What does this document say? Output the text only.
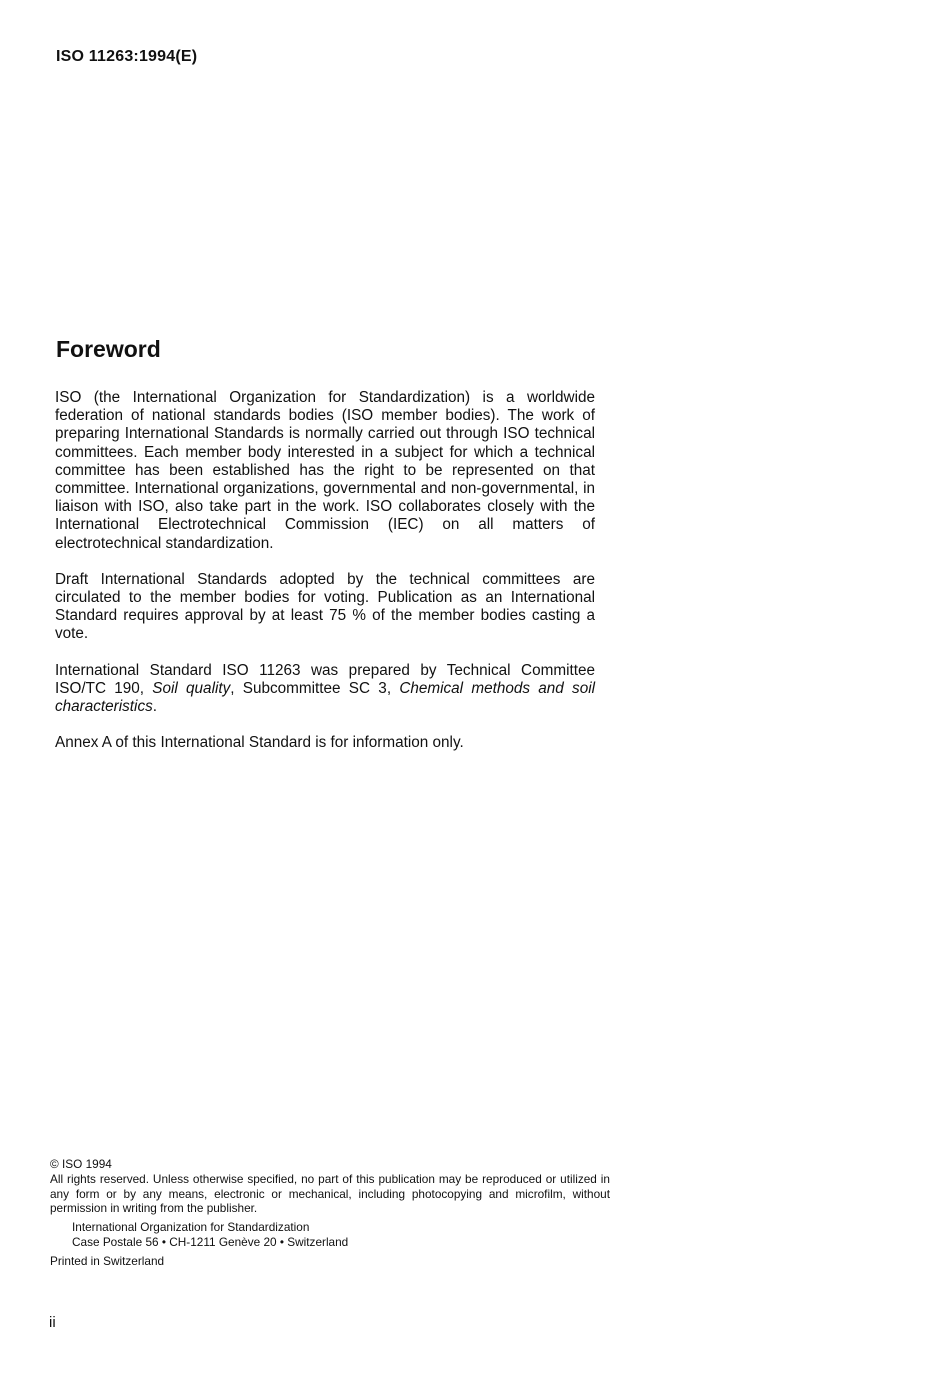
ISO 11263:1994(E)
Foreword

ISO (the International Organization for Standardization) is a worldwide federation of national standards bodies (ISO member bodies). The work of preparing International Standards is normally carried out through ISO technical committees. Each member body interested in a subject for which a technical committee has been established has the right to be represented on that committee. International organizations, governmental and non-governmental, in liaison with ISO, also take part in the work. ISO collaborates closely with the International Electrotechnical Commission (IEC) on all matters of electrotechnical standardization.

Draft International Standards adopted by the technical committees are circulated to the member bodies for voting. Publication as an International Standard requires approval by at least 75 % of the member bodies casting a vote.

International Standard ISO 11263 was prepared by Technical Committee ISO/TC 190, Soil quality, Subcommittee SC 3, Chemical methods and soil characteristics.

Annex A of this International Standard is for information only.

© ISO 1994

All rights reserved. Unless otherwise specified, no part of this publication may be reproduced or utilized in any form or by any means, electronic or mechanical, including photocopying and microfilm, without permission in writing from the publisher.

International Organization for Standardization
Case Postale 56 • CH-1211 Genève 20 • Switzerland

Printed in Switzerland

ii
